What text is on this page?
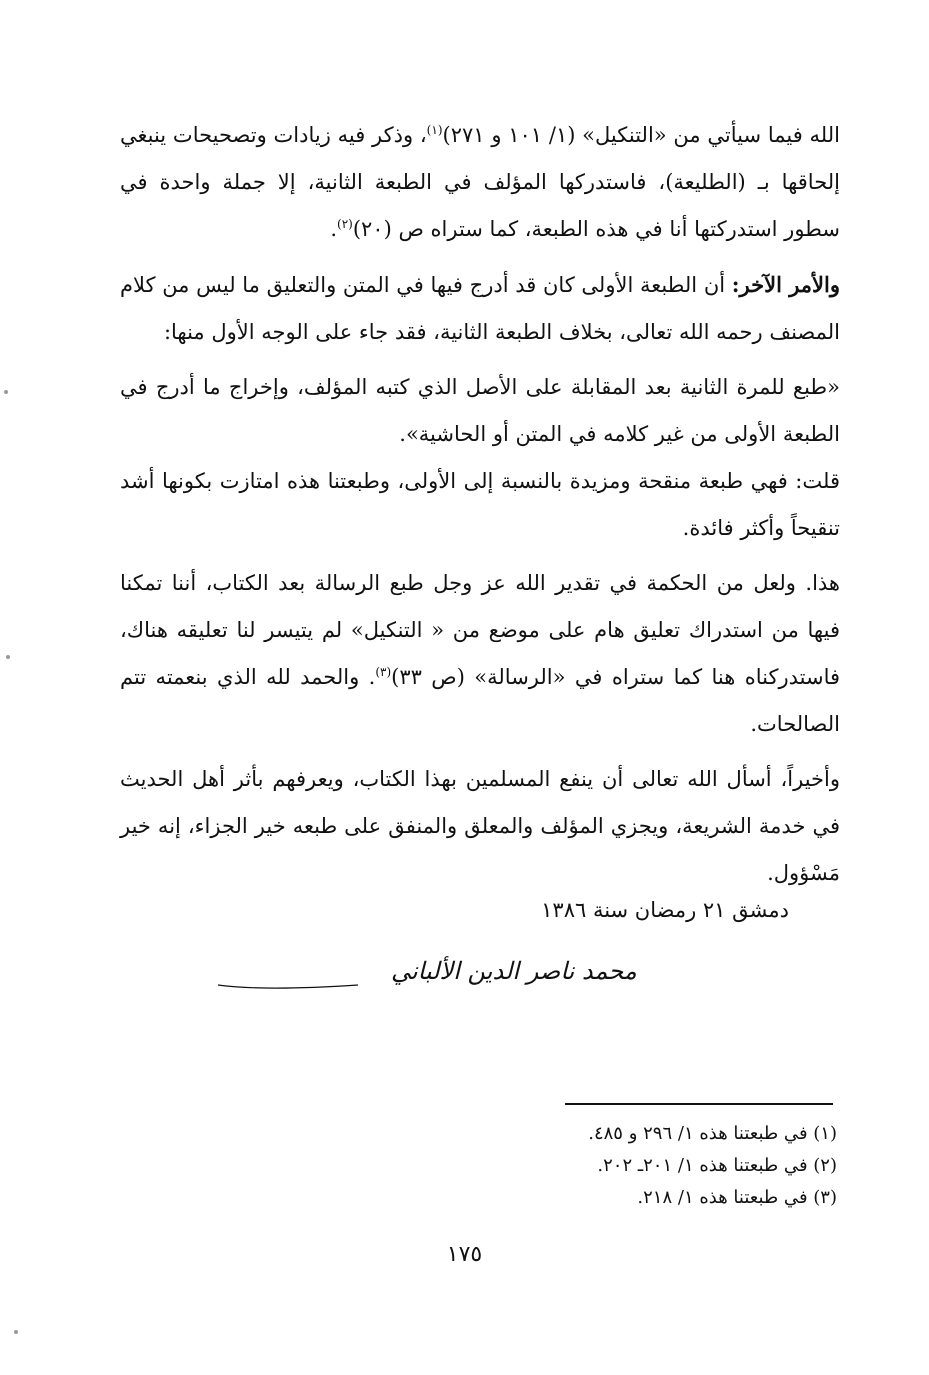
الله فيما سيأتي من «التنكيل» (١/ ١٠١ و ٢٧١)$^{(١)}$، وذكر فيه زيادات وتصحيحات ينبغي إلحاقها بـ (الطليعة)، فاستدركها المؤلف في الطبعة الثانية، إلا جملة واحدة في سطور استدركتها أنا في هذه الطبعة، كما ستراه ص (٢٠)$^{(٢)}$.

والأمر الآخر: أن الطبعة الأولى كان قد أدرج فيها في المتن والتعليق ما ليس من كلام المصنف رحمه الله تعالى، بخلاف الطبعة الثانية، فقد جاء على الوجه الأول منها:

«طبع للمرة الثانية بعد المقابلة على الأصل الذي كتبه المؤلف، وإخراج ما أدرج في الطبعة الأولى من غير كلامه في المتن أو الحاشية».

قلت: فهي طبعة منقحة ومزيدة بالنسبة إلى الأولى، وطبعتنا هذه امتازت بكونها أشد تنقيحاً وأكثر فائدة.

هذا. ولعل من الحكمة في تقدير الله عز وجل طبع الرسالة بعد الكتاب، أننا تمكنا فيها من استدراك تعليق هام على موضع من « التنكيل» لم يتيسر لنا تعليقه هناك، فاستدركناه هنا كما ستراه في «الرسالة» (ص ٣٣)$^{(٣)}$. والحمد لله الذي بنعمته تتم الصالحات.

وأخيراً، أسأل الله تعالى أن ينفع المسلمين بهذا الكتاب، ويعرفهم بأثر أهل الحديث في خدمة الشريعة، ويجزي المؤلف والمعلق والمنفق على طبعه خير الجزاء، إنه خير مَسْؤول.

دمشق ٢١ رمضان سنة ١٣٨٦
محمد ناصر الدين الألباني
(١) في طبعتنا هذه ١/ ٢٩٦ و ٤٨٥.
(٢) في طبعتنا هذه ١/ ٢٠١ـ ٢٠٢.
(٣) في طبعتنا هذه ١/ ٢١٨.
١٧٥
